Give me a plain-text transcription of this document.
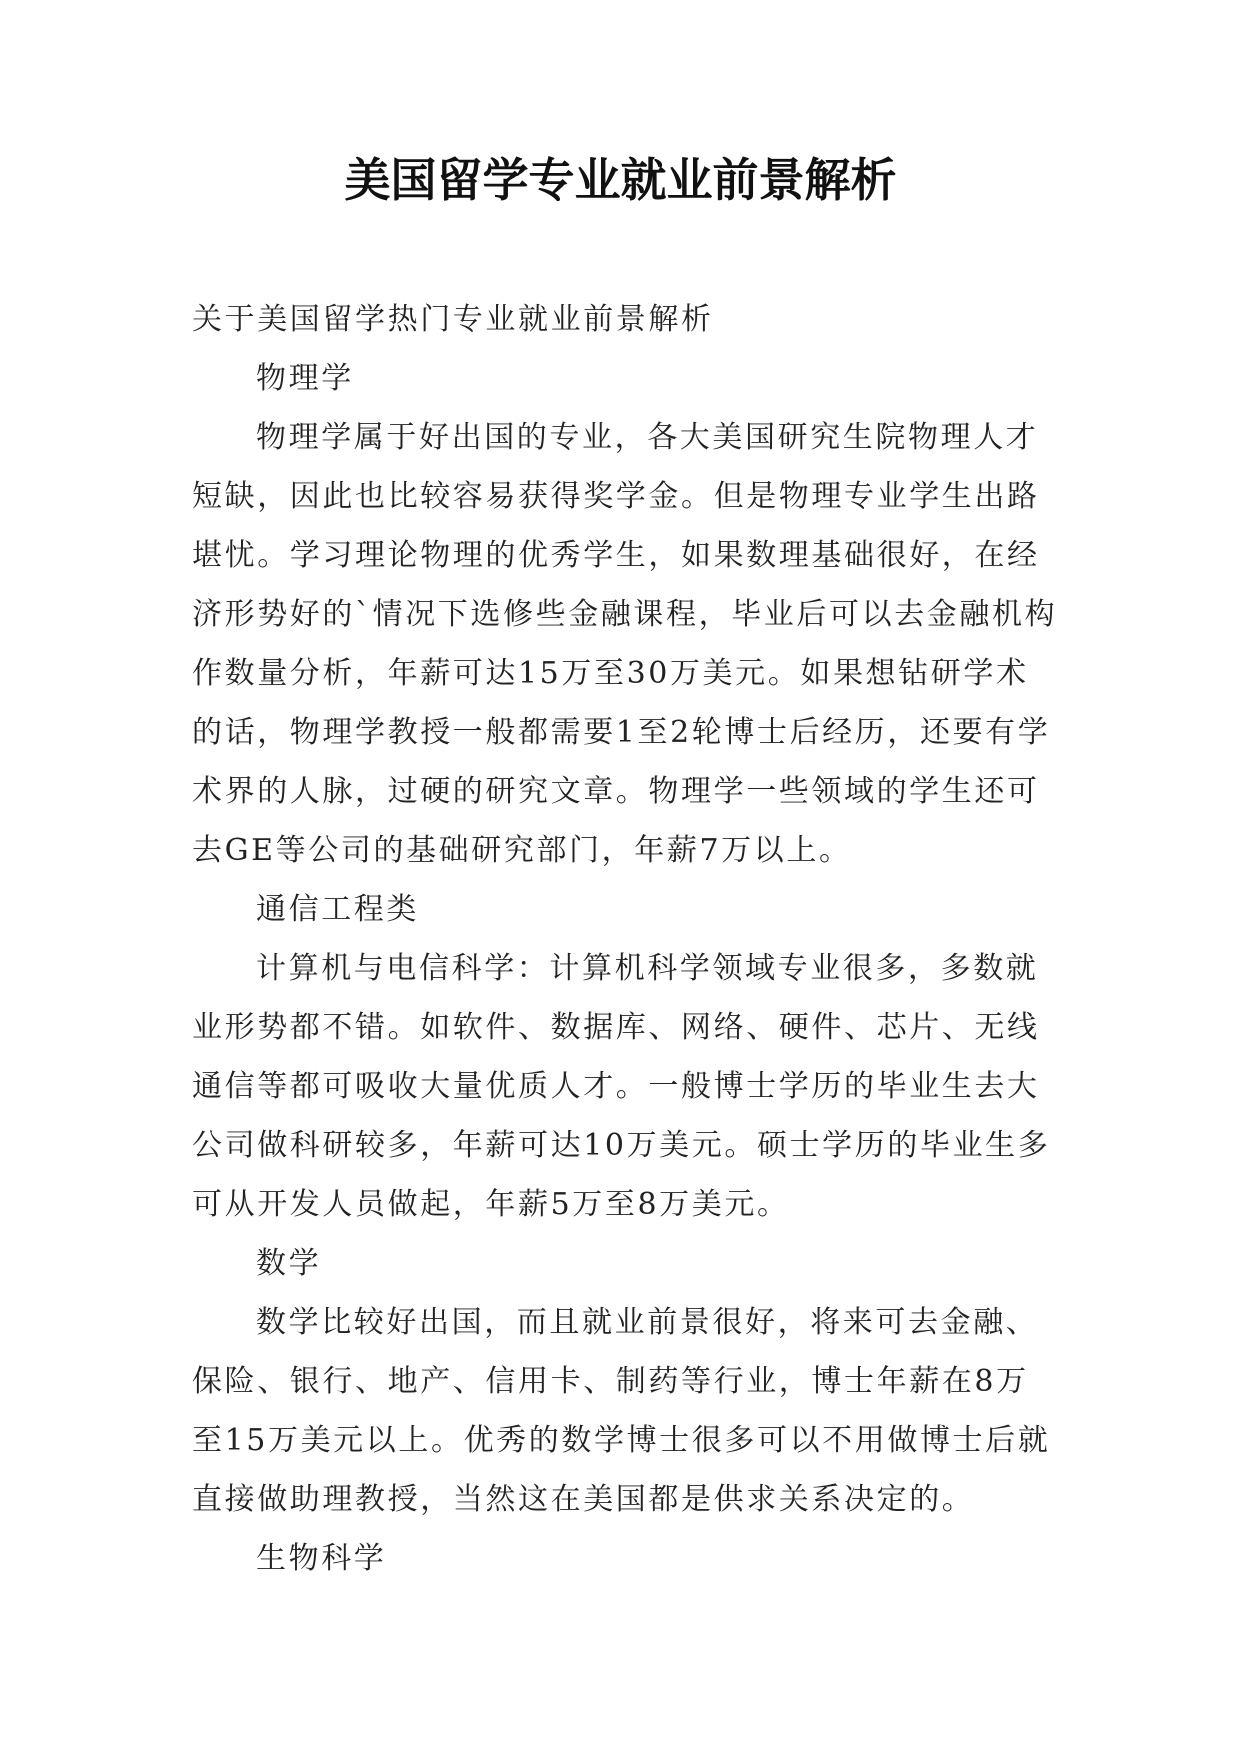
美国留学专业就业前景解析

关于美国留学热门专业就业前景解析

物理学

物理学属于好出国的专业，各大美国研究生院物理人才短缺，因此也比较容易获得奖学金。但是物理专业学生出路堪忧。学习理论物理的优秀学生，如果数理基础很好，在经济形势好的`情况下选修些金融课程，毕业后可以去金融机构作数量分析，年薪可达15万至30万美元。如果想钻研学术的话，物理学教授一般都需要1至2轮博士后经历，还要有学术界的人脉，过硬的研究文章。物理学一些领域的学生还可去GE等公司的基础研究部门，年薪7万以上。

通信工程类

计算机与电信科学：计算机科学领域专业很多，多数就业形势都不错。如软件、数据库、网络、硬件、芯片、无线通信等都可吸收大量优质人才。一般博士学历的毕业生去大公司做科研较多，年薪可达10万美元。硕士学历的毕业生多可从开发人员做起，年薪5万至8万美元。

数学

数学比较好出国，而且就业前景很好，将来可去金融、保险、银行、地产、信用卡、制药等行业，博士年薪在8万至15万美元以上。优秀的数学博士很多可以不用做博士后就直接做助理教授，当然这在美国都是供求关系决定的。

生物科学
